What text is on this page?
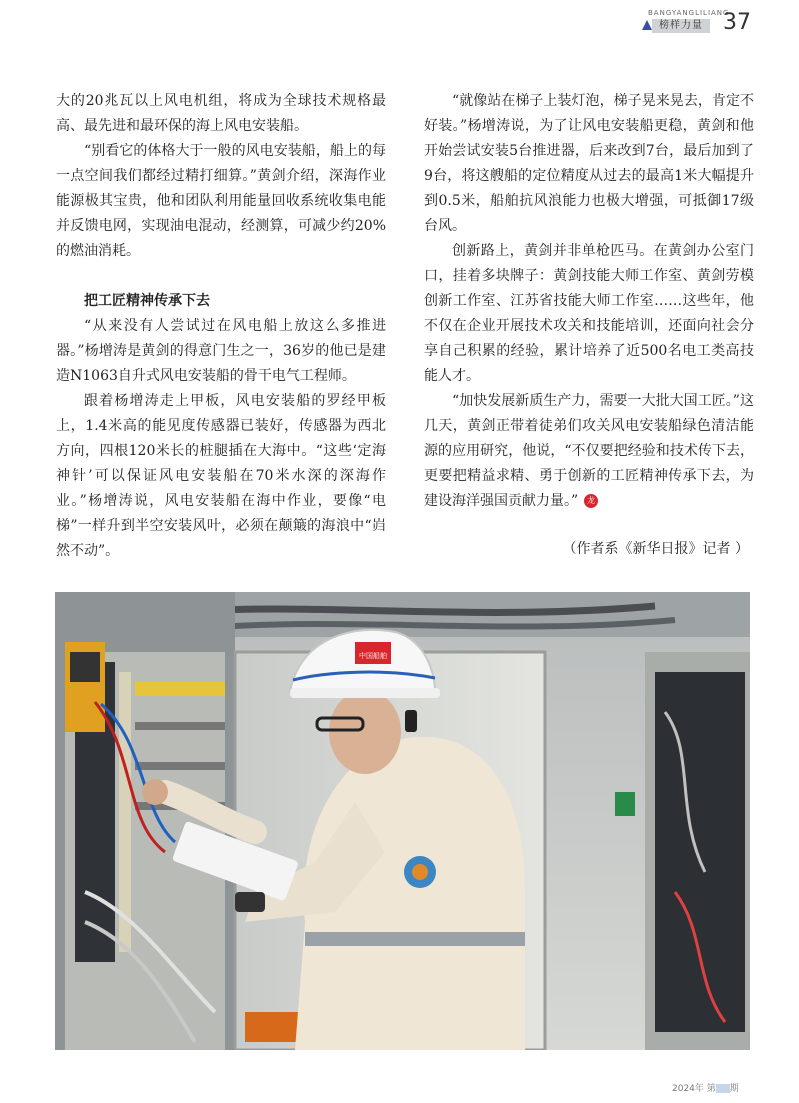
BANGYANGLILIANG
榜样力量 37

大的20兆瓦以上风电机组，将成为全球技术规格最高、最先进和最环保的海上风电安装船。

“别看它的体格大于一般的风电安装船，船上的每一点空间我们都经过精打细算。”黄剑介绍，深海作业能源极其宝贵，他和团队利用能量回收系统收集电能并反馈电网，实现油电混动，经测算，可减少约20%的燃油消耗。

把工匠精神传承下去

“从来没有人尝试过在风电船上放这么多推进器。”杨增涛是黄剑的得意门生之一，36岁的他已是建造N1063自升式风电安装船的骨干电气工程师。

跟着杨增涛走上甲板，风电安装船的罗经甲板上，1.4米高的能见度传感器已装好，传感器为西北方向，四根120米长的桩腿插在大海中。“这些‘定海神针’可以保证风电安装船在70米水深的深海作业。”杨增涛说，风电安装船在海中作业，要像“电梯”一样升到半空安装风叶，必须在颠簸的海浪中“岿然不动”。

“就像站在梯子上装灯泡，梯子晃来晃去，肯定不好装。”杨增涛说，为了让风电安装船更稳，黄剑和他开始尝试安装5台推进器，后来改到7台，最后加到了9台，将这艘船的定位精度从过去的最高1米大幅提升到0.5米，船舶抗风浪能力也极大增强，可抵御17级台风。

创新路上，黄剑并非单枪匹马。在黄剑办公室门口，挂着多块牌子：黄剑技能大师工作室、黄剑劳模创新工作室、江苏省技能大师工作室……这些年，他不仅在企业开展技术攻关和技能培训，还面向社会分享自己积累的经验，累计培养了近500名电工类高技能人才。

“加快发展新质生产力，需要一大批大国工匠。”这几天，黄剑正带着徒弟们攻关风电安装船绿色清洁能源的应用研究，他说，“不仅要把经验和技术传下去，更要把精益求精、勇于创新的工匠精神传承下去，为建设海洋强国贡献力量。” 龙

（作者系《新华日报》记者 ）
中国船舶
2024年 第 期
